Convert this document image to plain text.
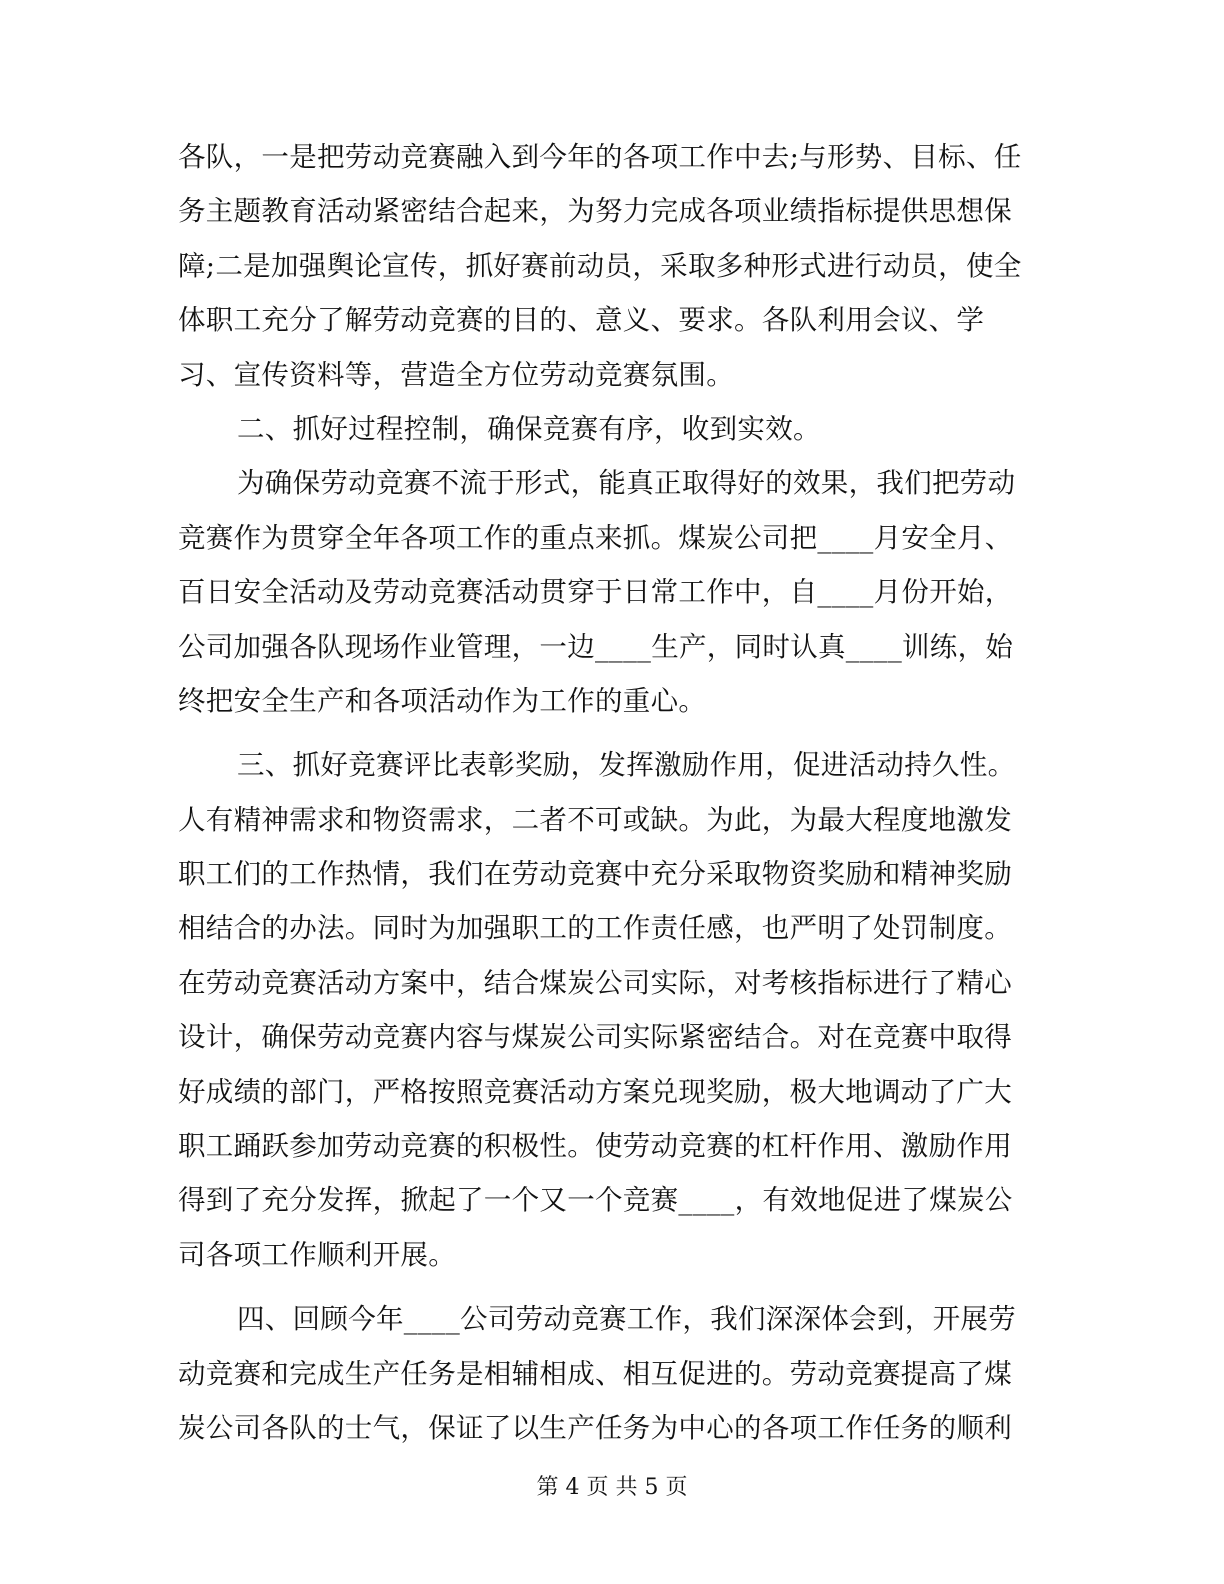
各队，一是把劳动竞赛融入到今年的各项工作中去;与形势、目标、任
务主题教育活动紧密结合起来，为努力完成各项业绩指标提供思想保
障;二是加强舆论宣传，抓好赛前动员，采取多种形式进行动员，使全
体职工充分了解劳动竞赛的目的、意义、要求。各队利用会议、学
习、宣传资料等，营造全方位劳动竞赛氛围。
二、抓好过程控制，确保竞赛有序，收到实效。
为确保劳动竞赛不流于形式，能真正取得好的效果，我们把劳动
竞赛作为贯穿全年各项工作的重点来抓。煤炭公司把____月安全月、
百日安全活动及劳动竞赛活动贯穿于日常工作中，自____月份开始，
公司加强各队现场作业管理，一边____生产，同时认真____训练，始
终把安全生产和各项活动作为工作的重心。
三、抓好竞赛评比表彰奖励，发挥激励作用，促进活动持久性。
人有精神需求和物资需求，二者不可或缺。为此，为最大程度地激发
职工们的工作热情，我们在劳动竞赛中充分采取物资奖励和精神奖励
相结合的办法。同时为加强职工的工作责任感，也严明了处罚制度。
在劳动竞赛活动方案中，结合煤炭公司实际，对考核指标进行了精心
设计，确保劳动竞赛内容与煤炭公司实际紧密结合。对在竞赛中取得
好成绩的部门，严格按照竞赛活动方案兑现奖励，极大地调动了广大
职工踊跃参加劳动竞赛的积极性。使劳动竞赛的杠杆作用、激励作用
得到了充分发挥，掀起了一个又一个竞赛____，有效地促进了煤炭公
司各项工作顺利开展。
四、回顾今年____公司劳动竞赛工作，我们深深体会到，开展劳
动竞赛和完成生产任务是相辅相成、相互促进的。劳动竞赛提高了煤
炭公司各队的士气，保证了以生产任务为中心的各项工作任务的顺利
第 4 页 共 5 页
